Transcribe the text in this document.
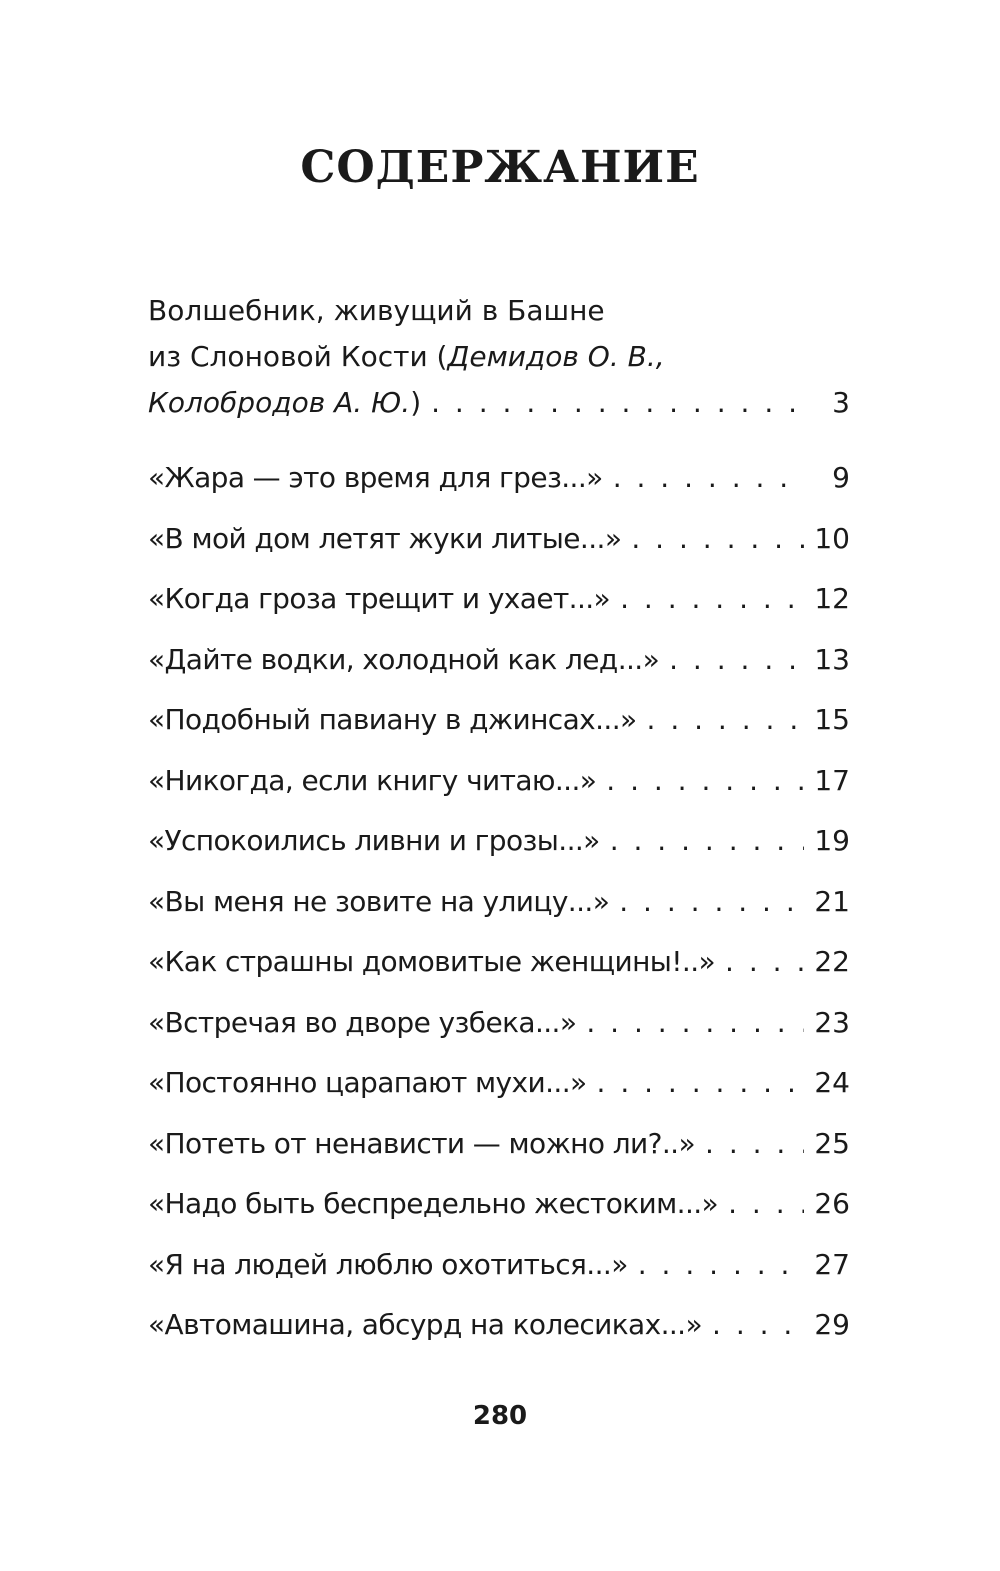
СОДЕРЖАНИЕ
Волшебник, живущий в Башне
из Слоновой Кости ( Демидов О. В.,
Колобродов А. Ю. ) . . .	3
«Жара — это время для грез...» . . .	9
«В мой дом летят жуки литые...» . . .	10
«Когда гроза трещит и ухает...» . . .	12
«Дайте водки, холодной как лед...» . . .	13
«Подобный павиану в джинсах...» . . .	15
«Никогда, если книгу читаю...» . . .	17
«Успокоились ливни и грозы...» . . .	19
«Вы меня не зовите на улицу...» . . .	21
«Как страшны домовитые женщины!..» . . .	22
«Встречая во дворе узбека...» . . .	23
«Постоянно царапают мухи...» . . .	24
«Потеть от ненависти — можно ли?..» . . .	25
«Надо быть беспредельно жестоким...» . . .	26
«Я на людей люблю охотиться...» . . .	27
«Автомашина, абсурд на колесиках...» . . .	29
280
